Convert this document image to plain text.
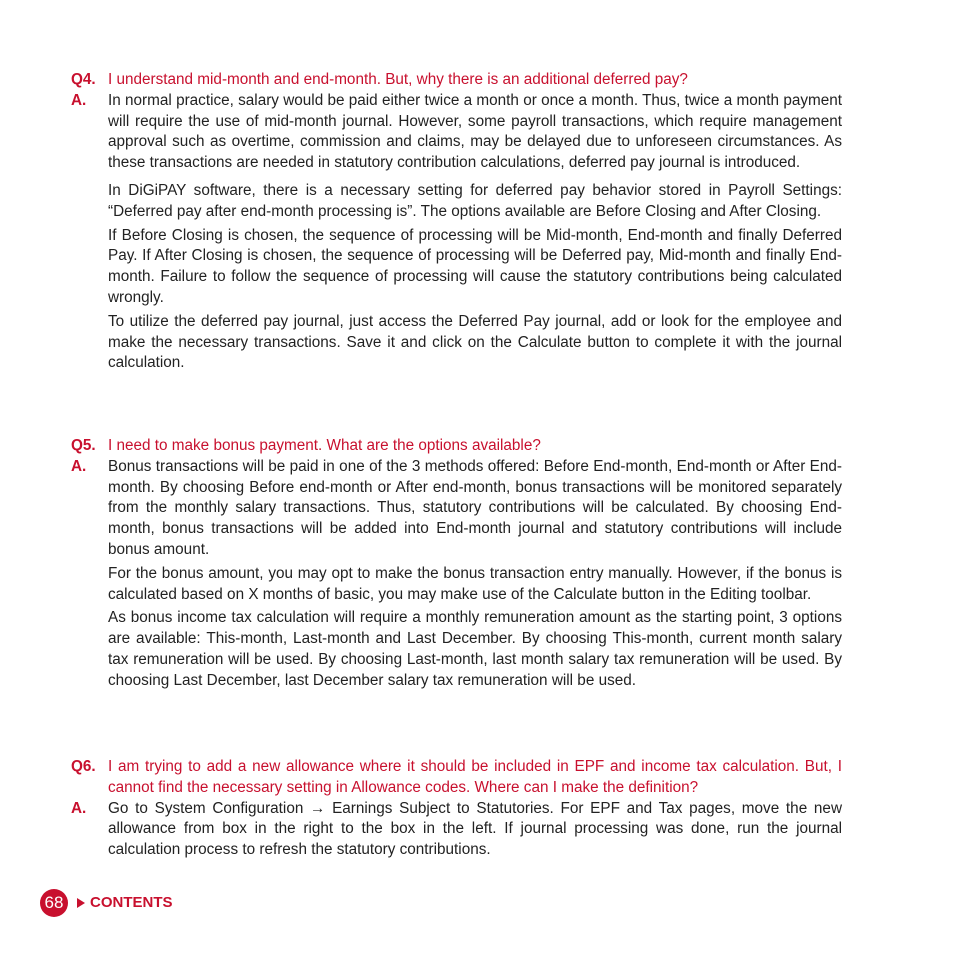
Q4. I understand mid-month and end-month. But, why there is an additional deferred pay?
A.	In normal practice, salary would be paid either twice a month or once a month. Thus, twice a month payment will require the use of mid-month journal. However, some payroll transactions, which require management approval such as overtime, commission and claims, may be delayed due to unforeseen circumstances. As these transactions are needed in statutory contribution calculations, deferred pay journal is introduced.
In DiGiPAY software, there is a necessary setting for deferred pay behavior stored in Payroll Settings: “Deferred pay after end-month processing is”. The options available are Before Closing and After Closing.
If Before Closing is chosen, the sequence of processing will be Mid-month, End-month and finally Deferred Pay. If After Closing is chosen, the sequence of processing will be Deferred pay, Mid-month and finally End-month. Failure to follow the sequence of processing will cause the statutory contributions being calculated wrongly.
To utilize the deferred pay journal, just access the Deferred Pay journal, add or look for the employee and make the necessary transactions. Save it and click on the Calculate button to complete it with the journal calculation.
Q5. I need to make bonus payment. What are the options available?
A.	Bonus transactions will be paid in one of the 3 methods offered: Before End-month, End-month or After End-month. By choosing Before end-month or After end-month, bonus transactions will be monitored separately from the monthly salary transactions. Thus, statutory contributions will be calculated. By choosing End-month, bonus transactions will be added into End-month journal and statutory contributions will include bonus amount.
For the bonus amount, you may opt to make the bonus transaction entry manually. However, if the bonus is calculated based on X months of basic, you may make use of the Calculate button in the Editing toolbar.
As bonus income tax calculation will require a monthly remuneration amount as the starting point, 3 options are available: This-month, Last-month and Last December. By choosing This-month, current month salary tax remuneration will be used. By choosing Last-month, last month salary tax remuneration will be used. By choosing Last December, last December salary tax remuneration will be used.
Q6. I am trying to add a new allowance where it should be included in EPF and income tax calculation. But, I cannot find the necessary setting in Allowance codes. Where can I make the definition?
A.	Go to System Configuration → Earnings Subject to Statutories. For EPF and Tax pages, move the new allowance from box in the right to the box in the left. If journal processing was done, run the journal calculation process to refresh the statutory contributions.
68	CONTENTS
